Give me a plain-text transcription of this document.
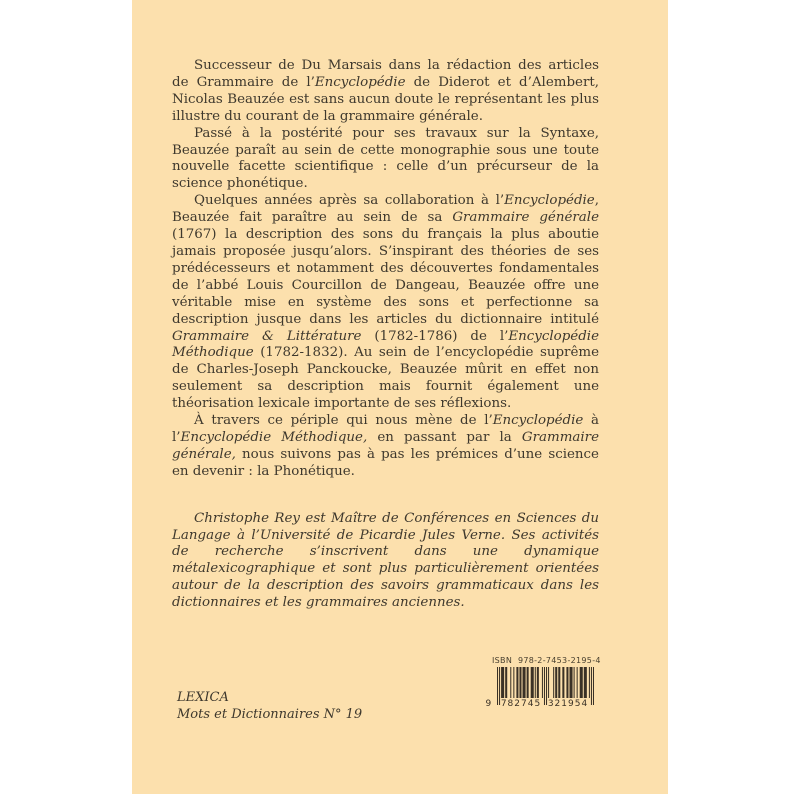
Successeur de Du Marsais dans la rédaction des articles de Grammaire de l’Encyclopédie de Diderot et d’Alembert, Nicolas Beauzée est sans aucun doute le représentant les plus illustre du courant de la grammaire générale.

Passé à la postérité pour ses travaux sur la Syntaxe, Beauzée paraît au sein de cette monographie sous une toute nouvelle facette scientifique : celle d’un précurseur de la science phonétique.

Quelques années après sa collaboration à l’Encyclopédie, Beauzée fait paraître au sein de sa Grammaire générale (1767) la description des sons du français la plus aboutie jamais proposée jusqu’alors. S’inspirant des théories de ses prédécesseurs et notamment des découvertes fondamentales de l’abbé Louis Courcillon de Dangeau, Beauzée offre une véritable mise en système des sons et perfectionne sa description jusque dans les articles du dictionnaire intitulé Grammaire & Littérature (1782-1786) de l’Encyclopédie Méthodique (1782-1832). Au sein de l’encyclopédie suprême de Charles-Joseph Panckoucke, Beauzée mûrit en effet non seulement sa description mais fournit également une théorisation lexicale importante de ses réflexions.

À travers ce périple qui nous mène de l’Encyclopédie à l’Encyclopédie Méthodique, en passant par la Grammaire générale, nous suivons pas à pas les prémices d’une science en devenir : la Phonétique.

Christophe Rey est Maître de Conférences en Sciences du Langage à l’Université de Picardie Jules Verne. Ses activités de recherche s’inscrivent dans une dynamique métalexicographique et sont plus particulièrement orientées autour de la description des savoirs grammaticaux dans les dictionnaires et les grammaires anciennes.

LEXICA
Mots et Dictionnaires N° 19
ISBN 978-2-7453-2195-4
9 782745 321954
